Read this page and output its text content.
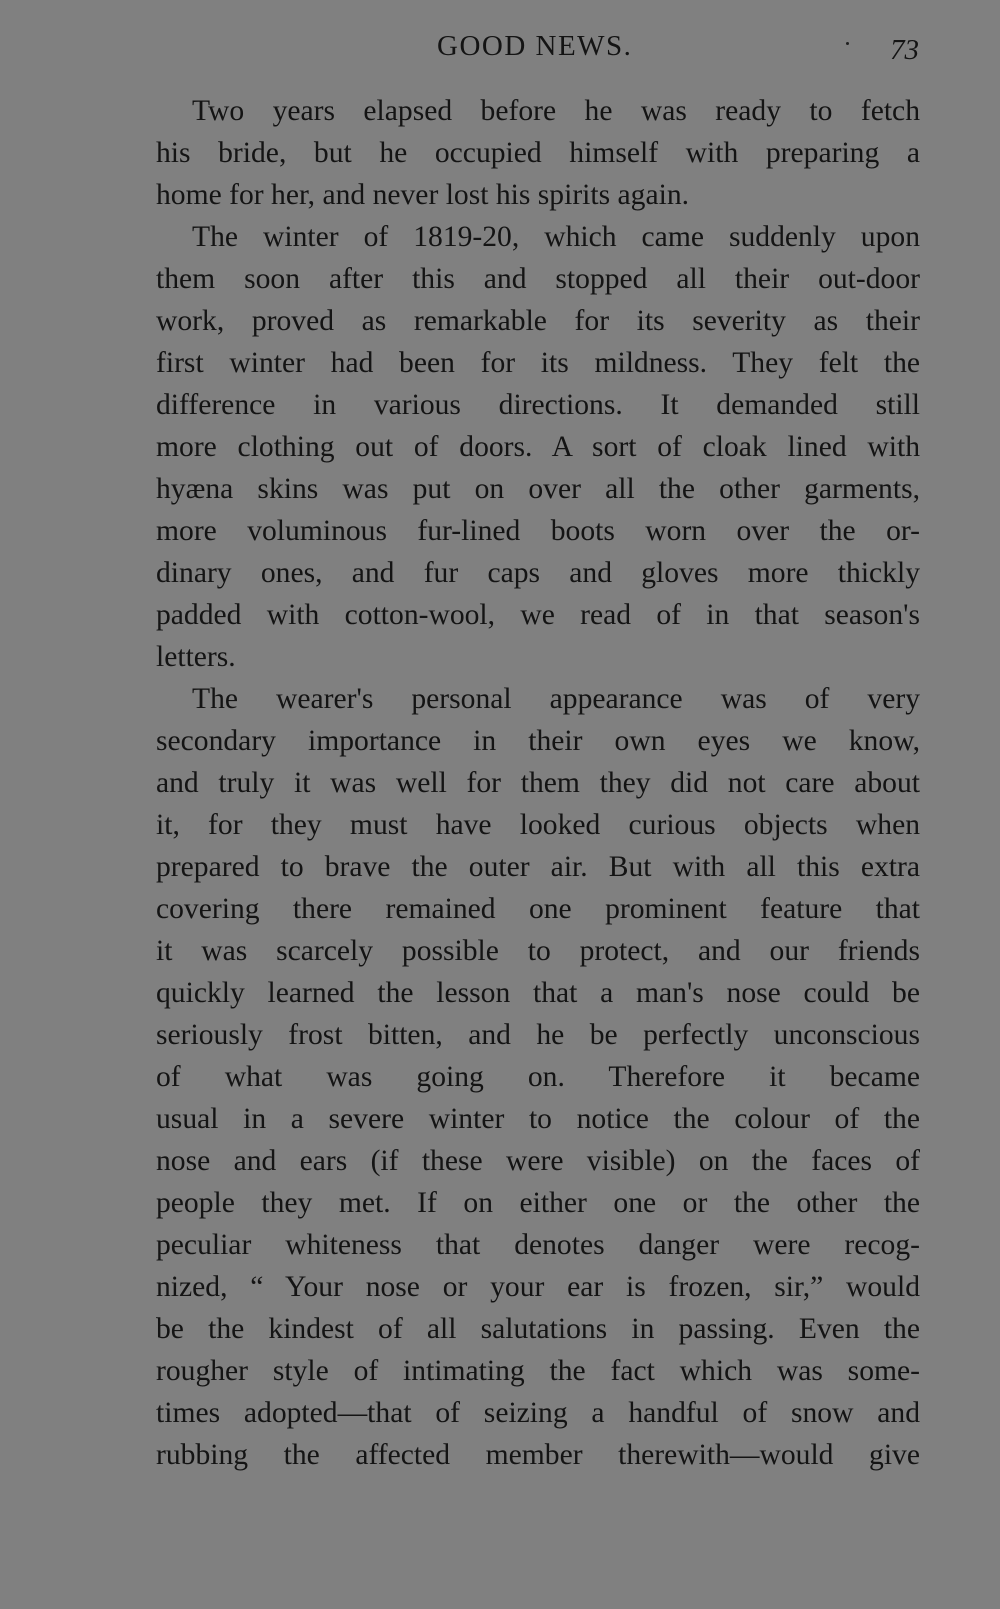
GOOD NEWS.	73
Two years elapsed before he was ready to fetch
his bride, but he occupied himself with preparing a
home for her, and never lost his spirits again.
The winter of 1819-20, which came suddenly upon
them soon after this and stopped all their out-door
work, proved as remarkable for its severity as their
first winter had been for its mildness. They felt the
difference in various directions. It demanded still
more clothing out of doors. A sort of cloak lined with
hyæna skins was put on over all the other garments,
more voluminous fur-lined boots worn over the or-
dinary ones, and fur caps and gloves more thickly
padded with cotton-wool, we read of in that season's
letters.
The wearer's personal appearance was of very
secondary importance in their own eyes we know,
and truly it was well for them they did not care about
it, for they must have looked curious objects when
prepared to brave the outer air. But with all this extra
covering there remained one prominent feature that
it was scarcely possible to protect, and our friends
quickly learned the lesson that a man's nose could be
seriously frost bitten, and he be perfectly unconscious
of what was going on. Therefore it became
usual in a severe winter to notice the colour of the
nose and ears (if these were visible) on the faces of
people they met. If on either one or the other the
peculiar whiteness that denotes danger were recog-
nized, “ Your nose or your ear is frozen, sir,” would
be the kindest of all salutations in passing. Even the
rougher style of intimating the fact which was some-
times adopted—that of seizing a handful of snow and
rubbing the affected member therewith—would give
